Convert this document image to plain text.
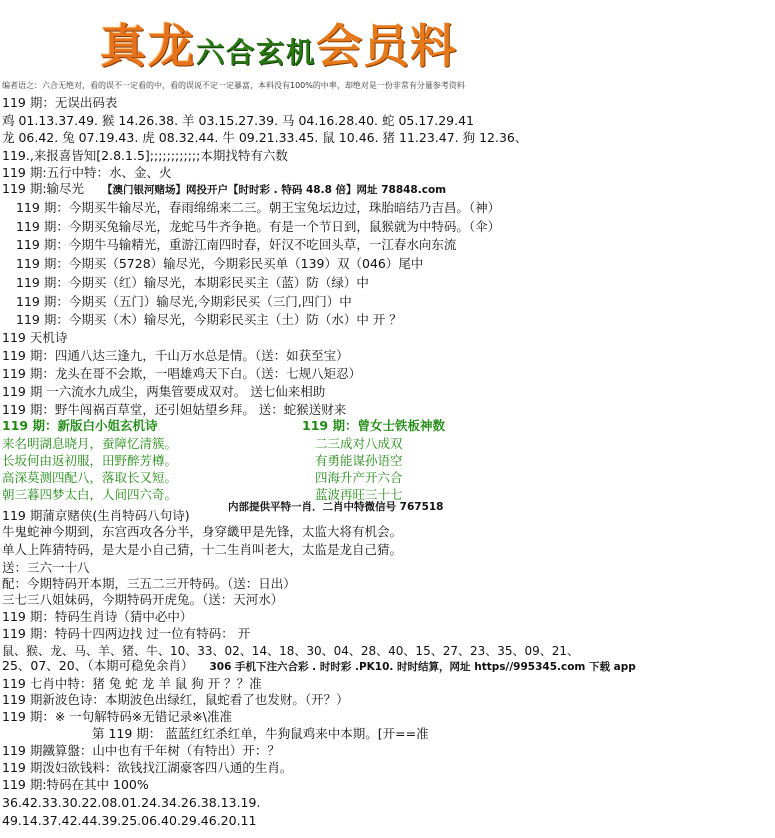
真龙六合玄机会员料
编者语之：六合无绝对，看的误不一定看的中，看的误说不定一定暴富，本料没有100%的中率，却绝对是一份非常有分量参考资料
119 期：无误出码表
鸡 01.13.37.49. 猴 14.26.38. 羊 03.15.27.39. 马 04.16.28.40. 蛇 05.17.29.41
龙 06.42. 兔 07.19.43. 虎 08.32.44. 牛 09.21.33.45. 鼠 10.46. 猪 11.23.47. 狗 12.36、
119.,来报喜皆知[2.8.1.5];;;;;;;;;;;;本期找特有六数
119 期:五行中特：水、金、火
119 期:输尽光 【澳门银河赌场】网投开户【时时彩 . 特码 48.8 倍】网址 78848.com
119 期：今期买牛输尽光，春雨绵绵来二三。朝王宝兔坛边过，珠胎暗结乃吉昌。（神）
119 期：今期买兔输尽光，龙蛇马牛齐争艳。有是一个节日到，鼠猴就为中特码。（伞）
119 期：今期牛马输精光，重游江南四时春，奸汉不吃回头草，一江春水向东流
119 期：今期买（5728）输尽光，今期彩民买单（139）双（046）尾中
119 期：今期买（红）输尽光，本期彩民买主（蓝）防（绿）中
119 期：今期买（五门）输尽光,今期彩民买（三门,四门）中
119 期：今期买（木）输尽光，今期彩民买主（土）防（水）中 开 ？
119 天机诗
119 期：四通八达三逢九，千山万水总是情。（送：如获至宝）
119 期：龙头在哥不会欺，一唱雄鸡天下白。（送：七规八矩忍）
119 期 一六流水九成尘，两集管要成双对。 送七仙来相助
119 期：野牛闯祸百草堂，还引妲姑望乡拜。 送：蛇猴送财来
119 期：新版白小姐玄机诗	119 期：曾女士铁板神数
来名明湖息晓月，蚕障忆清簇。	二三成对八成双
长坂何由返初服，田野醉芳樽。	有勇能谋孙语空
高深莫测四配八，落取长又短。	四海升产开六合
朝三暮四梦太白，人间四六奇。	蓝波再旺三十七
内部提供平特一肖．二肖中特微信号 767518
119 期蒲京赌侠(生肖特码八句诗)
牛鬼蛇神今期到，东宫西攻各分半，身穿畿甲是先锋，太监大将有机会。
单人上阵猜特码，是大是小自己猜，十二生肖叫老大，太监是龙自己猜。
送：三六一十八
配：今期特码开本期，三五二三开特码。（送：日出）
三七三八姐妹码，今期特码开虎兔。（送：天河水）
119 期：特码生肖诗（猜中必中）
119 期：特码十四两边找 过一位有特码： 开
鼠、猴、龙、马、羊、猪、牛、10、33、02、14、18、30、04、28、40、15、27、23、35、09、21、
25、07、20、（本期可稳免余肖） 306 手机下注六合彩 . 时时彩 .PK10. 时时结算，网址 https//995345.com 下载 app
119 七肖中特：猪 兔 蛇 龙 羊 鼠 狗 开 ？？准
119 期新波色诗：本期波色出绿红，鼠蛇看了也发财。（开？）
119 期：※ 一句解特码※无错记录※\准准
第 119 期： 蓝蓝红红杀红单，牛狗鼠鸡来中本期。[开==准
119 期鐵算盤：山中也有千年树（有特出）开：？
119 期泼妇欲钱料：欲钱找江湖豪客四八通的生肖。
119 期:特码在其中 100%
36.42.33.30.22.08.01.24.34.26.38.13.19.
49.14.37.42.44.39.25.06.40.29.46.20.11
